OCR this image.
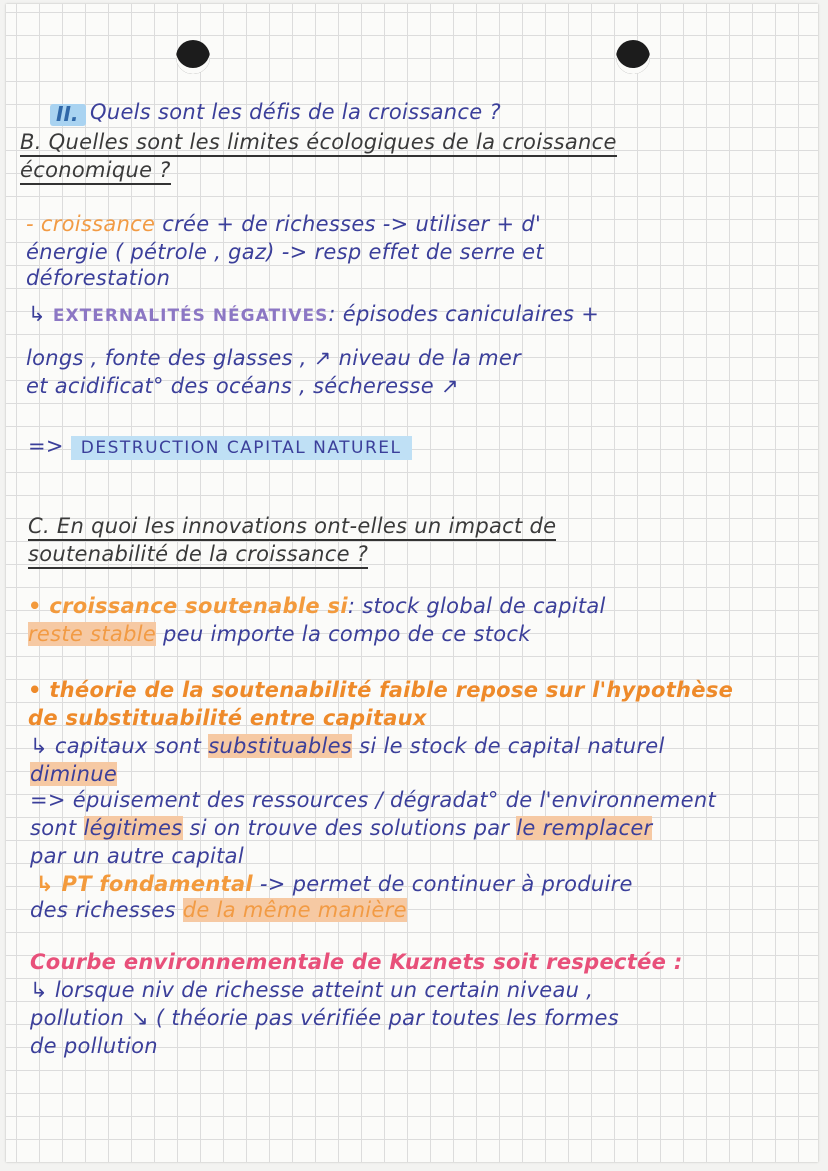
II. Quels sont les défis de la croissance ?
B. Quelles sont les limites écologiques de la croissance
économique ?
- croissance crée + de richesses -> utiliser + d'
énergie ( pétrole , gaz) -> resp effet de serre et
déforestation
↳ EXTERNALITÉS NÉGATIVES: épisodes caniculaires +
longs , fonte des glasses , ↗ niveau de la mer
et acidificat° des océans , sécheresse ↗
=> DESTRUCTION CAPITAL NATUREL
C. En quoi les innovations ont-elles un impact de
soutenabilité de la croissance ?
• croissance soutenable si: stock global de capital
reste stable peu importe la compo de ce stock
• théorie de la soutenabilité faible repose sur l'hypothèse
de substituabilité entre capitaux
↳ capitaux sont substituables si le stock de capital naturel
diminue
=> épuisement des ressources / dégradat° de l'environnement
sont légitimes si on trouve des solutions par le remplacer
par un autre capital
↳ PT fondamental -> permet de continuer à produire
des richesses de la même manière
Courbe environnementale de Kuznets soit respectée :
↳ lorsque niv de richesse atteint un certain niveau ,
pollution ↘ ( théorie pas vérifiée par toutes les formes
de pollution
